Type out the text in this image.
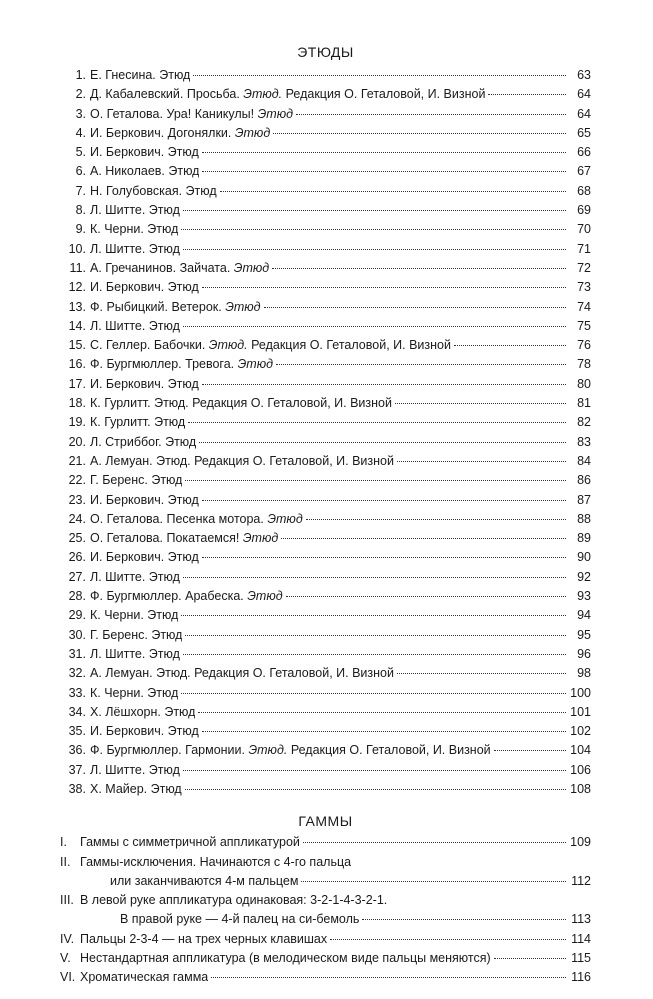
ЭТЮДЫ
1. Е. Гнесина. Этюд	63
2. Д. Кабалевский. Просьба. Этюд. Редакция О. Геталовой, И. Визной	64
3. О. Геталова. Ура! Каникулы! Этюд	64
4. И. Беркович. Догонялки. Этюд	65
5. И. Беркович. Этюд	66
6. А. Николаев. Этюд	67
7. Н. Голубовская. Этюд	68
8. Л. Шитте. Этюд	69
9. К. Черни. Этюд	70
10. Л. Шитте. Этюд	71
11. А. Гречанинов. Зайчата. Этюд	72
12. И. Беркович. Этюд	73
13. Ф. Рыбицкий. Ветерок. Этюд	74
14. Л. Шитте. Этюд	75
15. С. Геллер. Бабочки. Этюд. Редакция О. Геталовой, И. Визной	76
16. Ф. Бургмюллер. Тревога. Этюд	78
17. И. Беркович. Этюд	80
18. К. Гурлитт. Этюд. Редакция О. Геталовой, И. Визной	81
19. К. Гурлитт. Этюд	82
20. Л. Стриббог. Этюд	83
21. А. Лемуан. Этюд. Редакция О. Геталовой, И. Визной	84
22. Г. Беренс. Этюд	86
23. И. Беркович. Этюд	87
24. О. Геталова. Песенка мотора. Этюд	88
25. О. Геталова. Покатаемся! Этюд	89
26. И. Беркович. Этюд	90
27. Л. Шитте. Этюд	92
28. Ф. Бургмюллер. Арабеска. Этюд	93
29. К. Черни. Этюд	94
30. Г. Беренс. Этюд	95
31. Л. Шитте. Этюд	96
32. А. Лемуан. Этюд. Редакция О. Геталовой, И. Визной	98
33. К. Черни. Этюд	100
34. Х. Лёшхорн. Этюд	101
35. И. Беркович. Этюд	102
36. Ф. Бургмюллер. Гармонии. Этюд. Редакция О. Геталовой, И. Визной	104
37. Л. Шитте. Этюд	106
38. Х. Майер. Этюд	108
ГАММЫ
I.	Гаммы с симметричной аппликатурой	109
II. Гаммы-исключения. Начинаются с 4-го пальца
или заканчиваются 4-м пальцем	112
III. В левой руке аппликатура одинаковая: 3-2-1-4-3-2-1.
В правой руке — 4-й палец на си-бемоль	113
IV. Пальцы 2-3-4 — на трех черных клавишах	114
V. Нестандартная аппликатура (в мелодическом виде пальцы меняются)	115
VI. Хроматическая гамма	116
